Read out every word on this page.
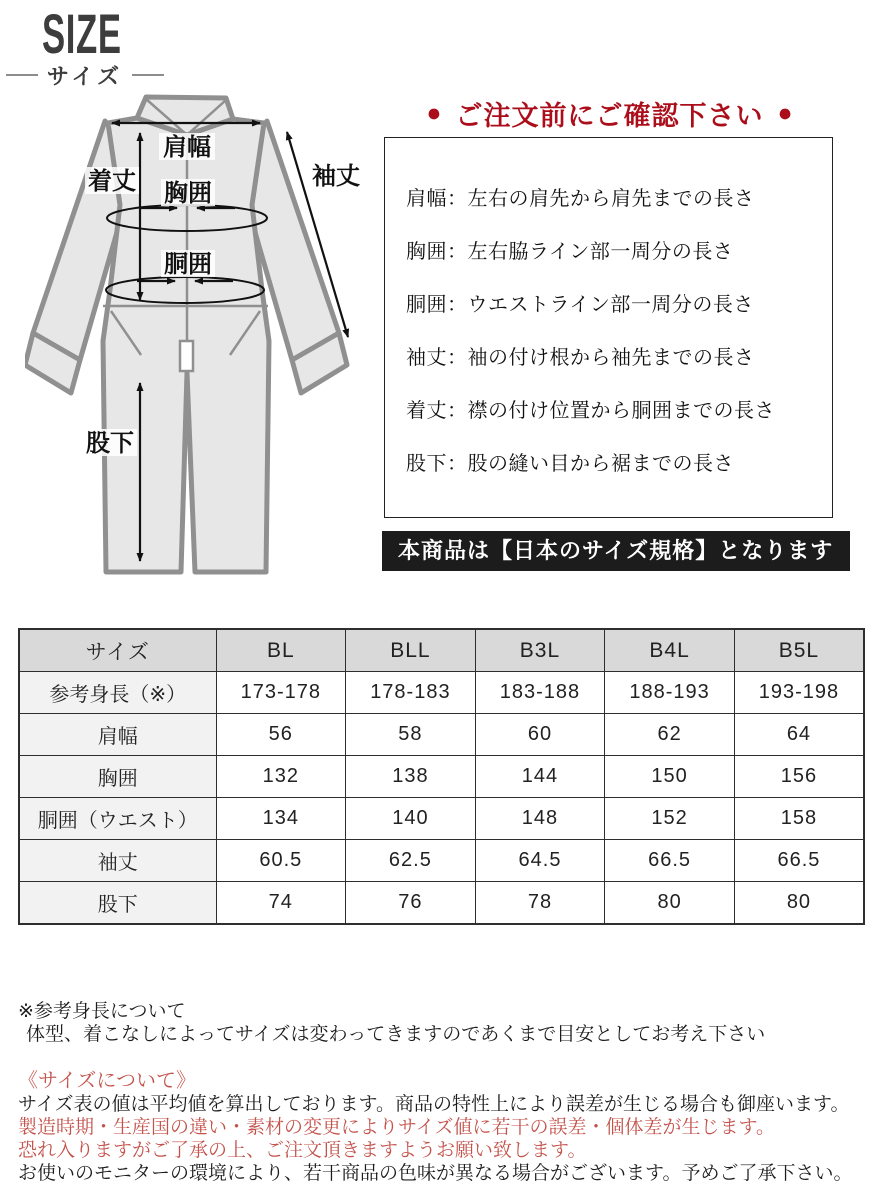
SIZE
サイズ
肩幅
着丈	袖丈
胸囲
胴囲
股下
● ご注文前にご確認下さい ●

肩幅：左右の肩先から肩先までの長さ

胸囲：左右脇ライン部一周分の長さ

胴囲：ウエストライン部一周分の長さ

袖丈：袖の付け根から袖先までの長さ

着丈：襟の付け位置から胴囲までの長さ

股下：股の縫い目から裾までの長さ

本商品は【日本のサイズ規格】となります
サイズ	BL	BLL	B3L	B4L	B5L
参考身長（※）	173-178	178-183	183-188	188-193	193-198
肩幅	56	58	60	62	64
胸囲	132	138	144	150	156
胴囲（ウエスト）	134	140	148	152	158
袖丈	60.5	62.5	64.5	66.5	66.5
股下	74	76	78	80	80
※参考身長について
体型、着こなしによってサイズは変わってきますのであくまで目安としてお考え下さい
《サイズについて》
サイズ表の値は平均値を算出しております。商品の特性上により誤差が生じる場合も御座います。
製造時期・生産国の違い・素材の変更によりサイズ値に若干の誤差・個体差が生じます。
恐れ入りますがご了承の上、ご注文頂きますようお願い致します。
お使いのモニターの環境により、若干商品の色味が異なる場合がございます。予めご了承下さい。
